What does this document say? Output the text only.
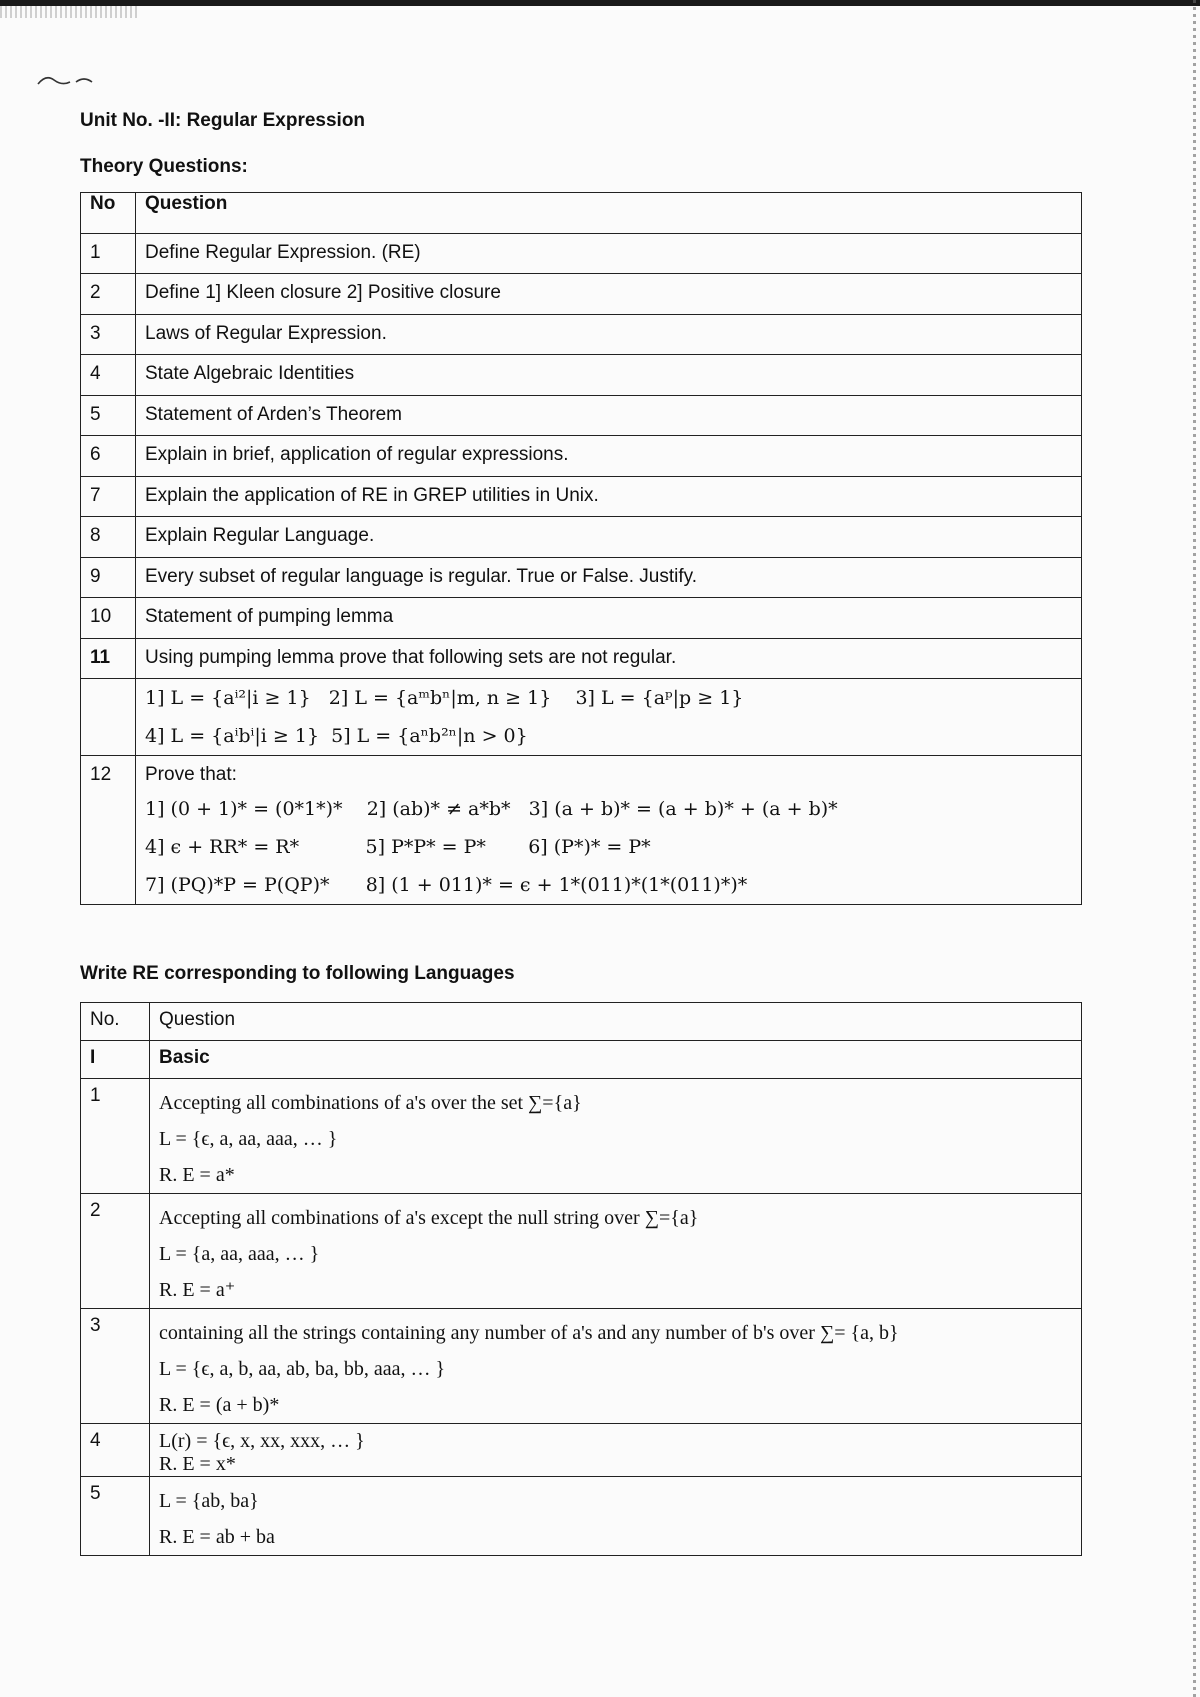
Unit No. -II: Regular Expression

Theory Questions:

No	Question
1	Define Regular Expression. (RE)
2	Define 1] Kleen closure 2] Positive closure
3	Laws of Regular Expression.
4	State Algebraic Identities
5	Statement of Arden’s Theorem
6	Explain in brief, application of regular expressions.
7	Explain the application of RE in GREP utilities in Unix.
8	Explain Regular Language.
9	Every subset of regular language is regular. True or False. Justify.
10	Statement of pumping lemma
11	Using pumping lemma prove that following sets are not regular.

	1] L = {aⁱ²|i ≥ 1}   2] L = {aᵐbⁿ|m, n ≥ 1}    3] L = {aᵖ|p ≥ 1}
4] L = {aⁱbⁱ|i ≥ 1}  5] L = {aⁿb²ⁿ|n > 0}

12	Prove that:
1] (0 + 1)* = (0*1*)*    2] (ab)* ≠ a*b*   3] (a + b)* = (a + b)* + (a + b)*
4] ϵ + RR* = R*           5] P*P* = P*       6] (P*)* = P*
7] (PQ)*P = P(QP)*      8] (1 + 011)* = ϵ + 1*(011)*(1*(011)*)*

Write RE corresponding to following Languages

No.	Question
I	Basic
1	Accepting all combinations of a's over the set ∑={a}
L = {ϵ, a, aa, aaa, … }
R. E = a*

2	Accepting all combinations of a's except the null string over ∑={a}
L = {a, aa, aaa, … }
R. E = a⁺

3	containing all the strings containing any number of a's and any number of b's over ∑= {a, b}
L = {ϵ, a, b, aa, ab, ba, bb, aaa, … }
R. E = (a + b)*

4	L(r) = {ϵ, x, xx, xxx, … }
R. E = x*

5	L = {ab, ba}
R. E = ab + ba
